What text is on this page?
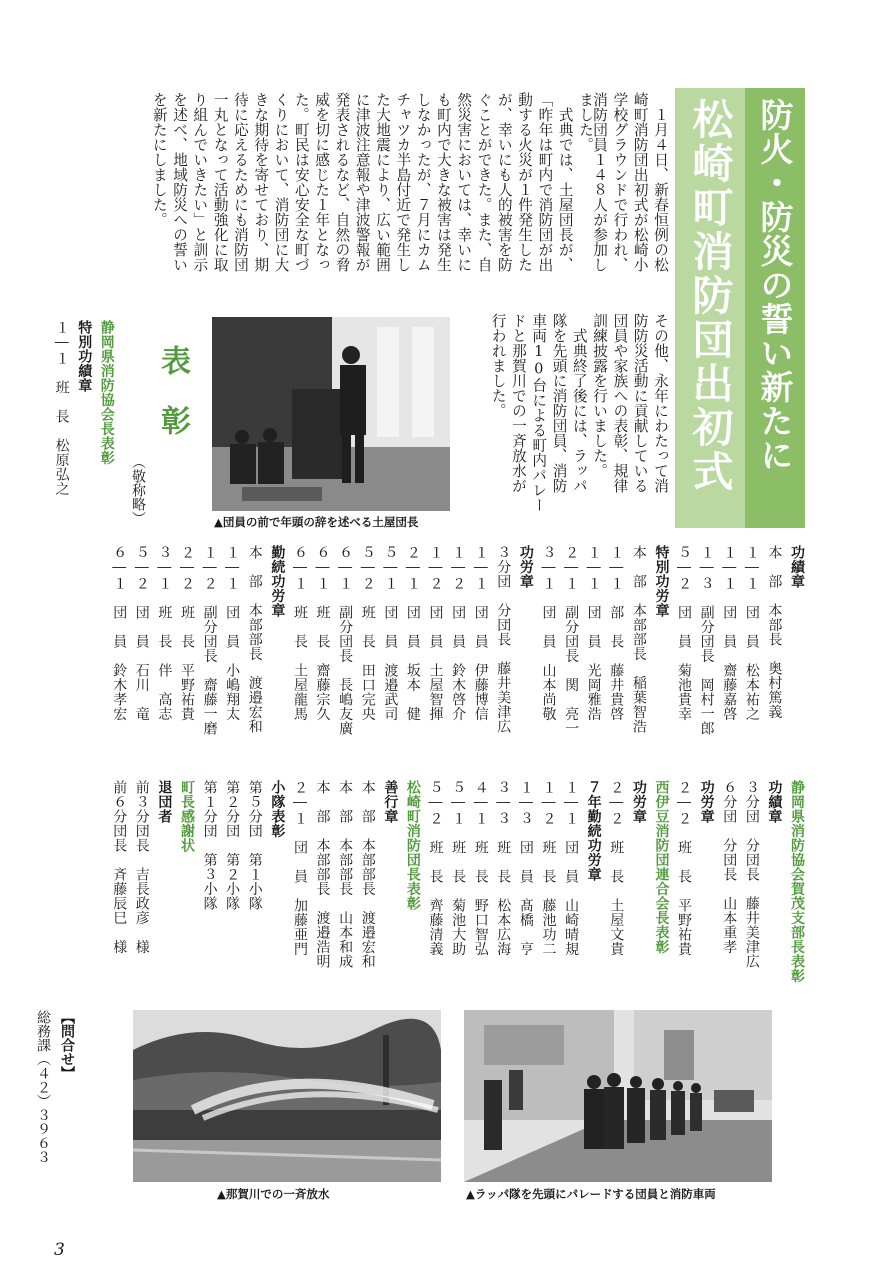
防火・防災の誓い新たに
松崎町消防団出初式
　１月４日、新春恒例の松
崎町消防団出初式が松崎小
学校グラウンドで行われ、
消防団員１４８人が参加し
その他、永年にわたって消
防防災活動に貢献している
団員や家族への表彰、規律
訓練披露を行いました。
　式典終了後には、ラッパ
隊を先頭に消防団員、消防
車両10台による町内パレー
ドと那賀川での一斉放水が
行われました。
▲団員の前で年頭の辞を述べる土屋団長
表　彰
（敬称略）
静岡県消防協会長表彰
特別功績章
１―１　班　長　松原弘之
功績章
本　部　本部長　奥村篤義
１―１　団　員　松本祐之
１―１　団　員　齋藤嘉啓
１―３　副分団長　岡村一郎
５―２　団　員　菊池貴幸
特別功労章
本　部　本部部長　稲葉智浩
１―１　部　長　藤井貴啓
１―１　団　員　光岡雅浩
２―１　副分団長　関　亮一
３―１　団　員　山本尚敬
功労章
３分団　分団長　藤井美津広
１―１　団　員　伊藤博信
１―２　団　員　鈴木啓介
１―２　団　員　土屋智揮
２―１　団　員　坂本　健
５―１　団　員　渡邉武司
５―２　班　長　田口完央
６―１　副分団長　長嶋友廣
６―１　班　長　齋藤宗久
６―１　班　長　土屋龍馬
勤続功労章
本　部　本部部長　渡邉宏和
１―１　団　員　小嶋翔太
１―２　副分団長　齋藤一磨
２―２　班　長　平野祐貴
３―１　班　長　伴　高志
５―２　団　員　石川　竜
６―１　団　員　鈴木孝宏
静岡県消防協会賀茂支部長表彰
功績章
３分団　分団長　藤井美津広
６分団　分団長　山本重孝
功労章
２―２　班　長　平野祐貴
西伊豆消防団連合会長表彰
功労章
２―２　班　長　土屋文貴
７年勤続功労章
１―１　団　員　山崎晴規
１―２　班　長　藤池功二
１―３　団　員　髙橋　亨
３―３　班　長　松本広海
４―１　班　長　野口智弘
５―１　班　長　菊池大助
５―２　班　長　齊藤清義
松崎町消防団長表彰
善行章
本　部　本部部長　渡邉宏和
本　部　本部部長　山本和成
本　部　本部部長　渡邉浩明
２―１　団　員　加藤亜門
小隊表彰
第５分団　第１小隊
第２分団　第２小隊
第１分団　第３小隊
町長感謝状
退団者
前３分団長　吉長政彦　様
前６分団長　斉藤辰巳　様
【問合せ】
総務課（４２）３９６３
▲那賀川での一斉放水	▲ラッパ隊を先頭にパレードする団員と消防車両
3
ました。
　式典では、土屋団長が、
「昨年は町内で消防団が出
動する火災が１件発生した
が、幸いにも人的被害を防
ぐことができた。また、自
然災害においては、幸いに
も町内で大きな被害は発生
しなかったが、７月にカム
チャツカ半島付近で発生し
た大地震により、広い範囲
に津波注意報や津波警報が
発表されるなど、自然の脅
威を切に感じた１年となっ
た。町民は安心安全な町づ
くりにおいて、消防団に大
きな期待を寄せており、期
待に応えるためにも消防団
一丸となって活動強化に取
り組んでいきたい」と訓示
を述べ、地域防災への誓い
を新たにしました。
